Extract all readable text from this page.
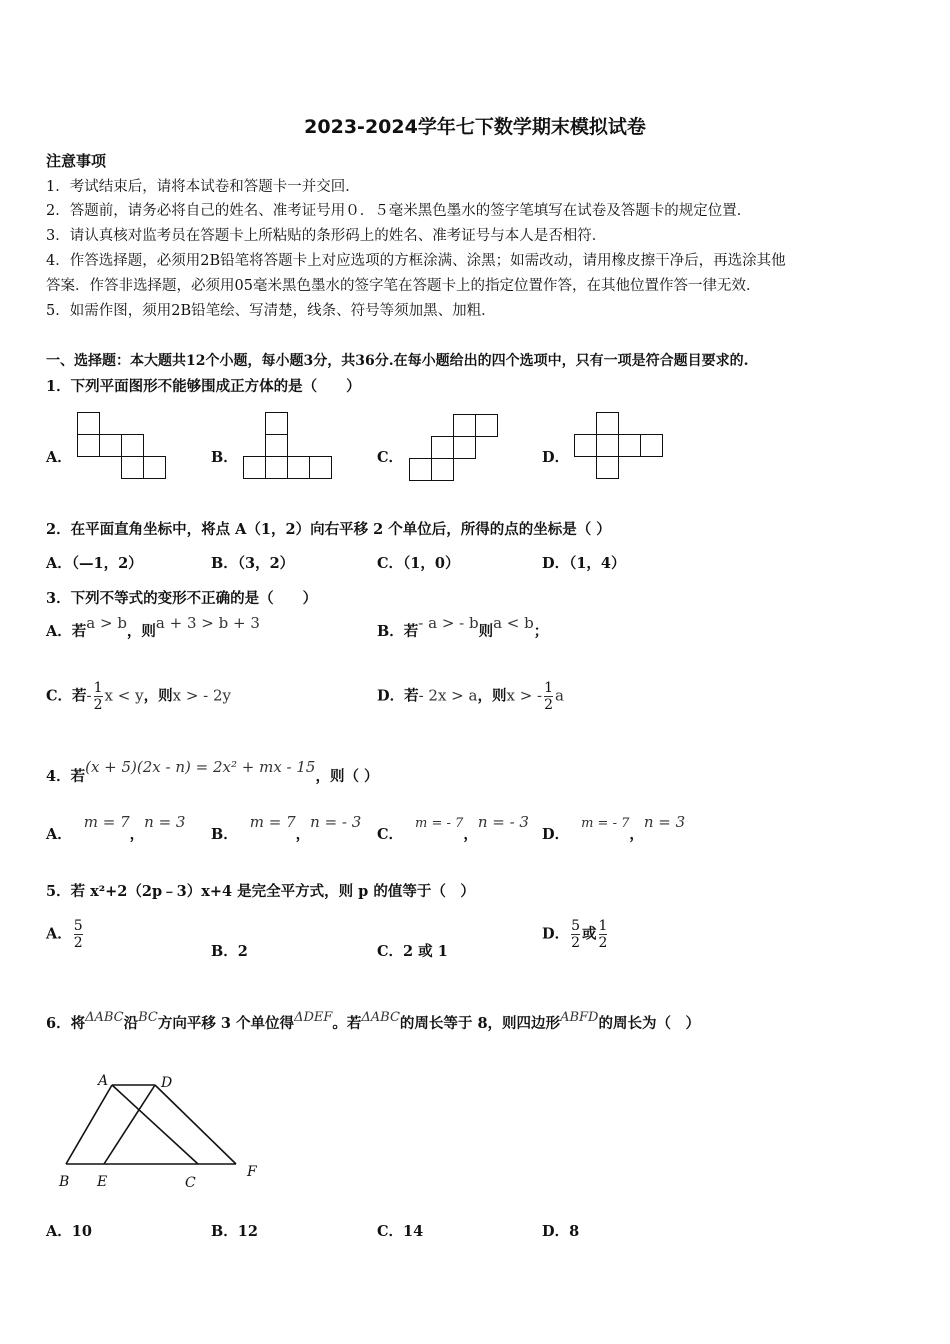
2023-2024学年七下数学期末模拟试卷
注意事项
1．考试结束后，请将本试卷和答题卡一并交回．
2．答题前，请务必将自己的姓名、准考证号用０．５毫米黑色墨水的签字笔填写在试卷及答题卡的规定位置．
3．请认真核对监考员在答题卡上所粘贴的条形码上的姓名、准考证号与本人是否相符．
4．作答选择题，必须用2B铅笔将答题卡上对应选项的方框涂满、涂黑；如需改动，请用橡皮擦干净后，再选涂其他
答案．作答非选择题，必须用05毫米黑色墨水的签字笔在答题卡上的指定位置作答，在其他位置作答一律无效．
5．如需作图，须用2B铅笔绘、写清楚，线条、符号等须加黑、加粗．
一、选择题：本大题共12个小题，每小题3分，共36分.在每小题给出的四个选项中，只有一项是符合题目要求的.
1．下列平面图形不能够围成正方体的是（　　）
A．	B．	C．	D．
2．在平面直角坐标中，将点 A（1，2）向右平移 2 个单位后，所得的点的坐标是（ ）
A．（—1，2）	B．（3，2）	C．（1，0）	D．（1，4）
3．下列不等式的变形不正确的是（　　）
A．若a > b，则a + 3 > b + 3	B．若- a > - b则a < b；
C．若- $\frac{1}{2}$ x < y，则x > - 2y	D．若- 2x > a，则x > - $\frac{1}{2}$ a
4．若(x + 5)(2x - n) = 2x² + mx - 15，则（ ）
A．m = 7，n = 3
B．m = 7，n = - 3
C．m = - 7，n = - 3
D．m = - 7，n = 3
5．若 x²+2（2p﹣3）x+4 是完全平方式，则 p 的值等于（　）
A． $\frac{5}{2}$
B．2	C．2 或 1
D． $\frac{5}{2}$ 或 $\frac{1}{2}$
6．将ΔABC沿BC方向平移 3 个单位得ΔDEF。若ΔABC的周长等于 8，则四边形ABFD的周长为（　）
A	D
B E	C
F
A．10	B．12	C．14	D．8
